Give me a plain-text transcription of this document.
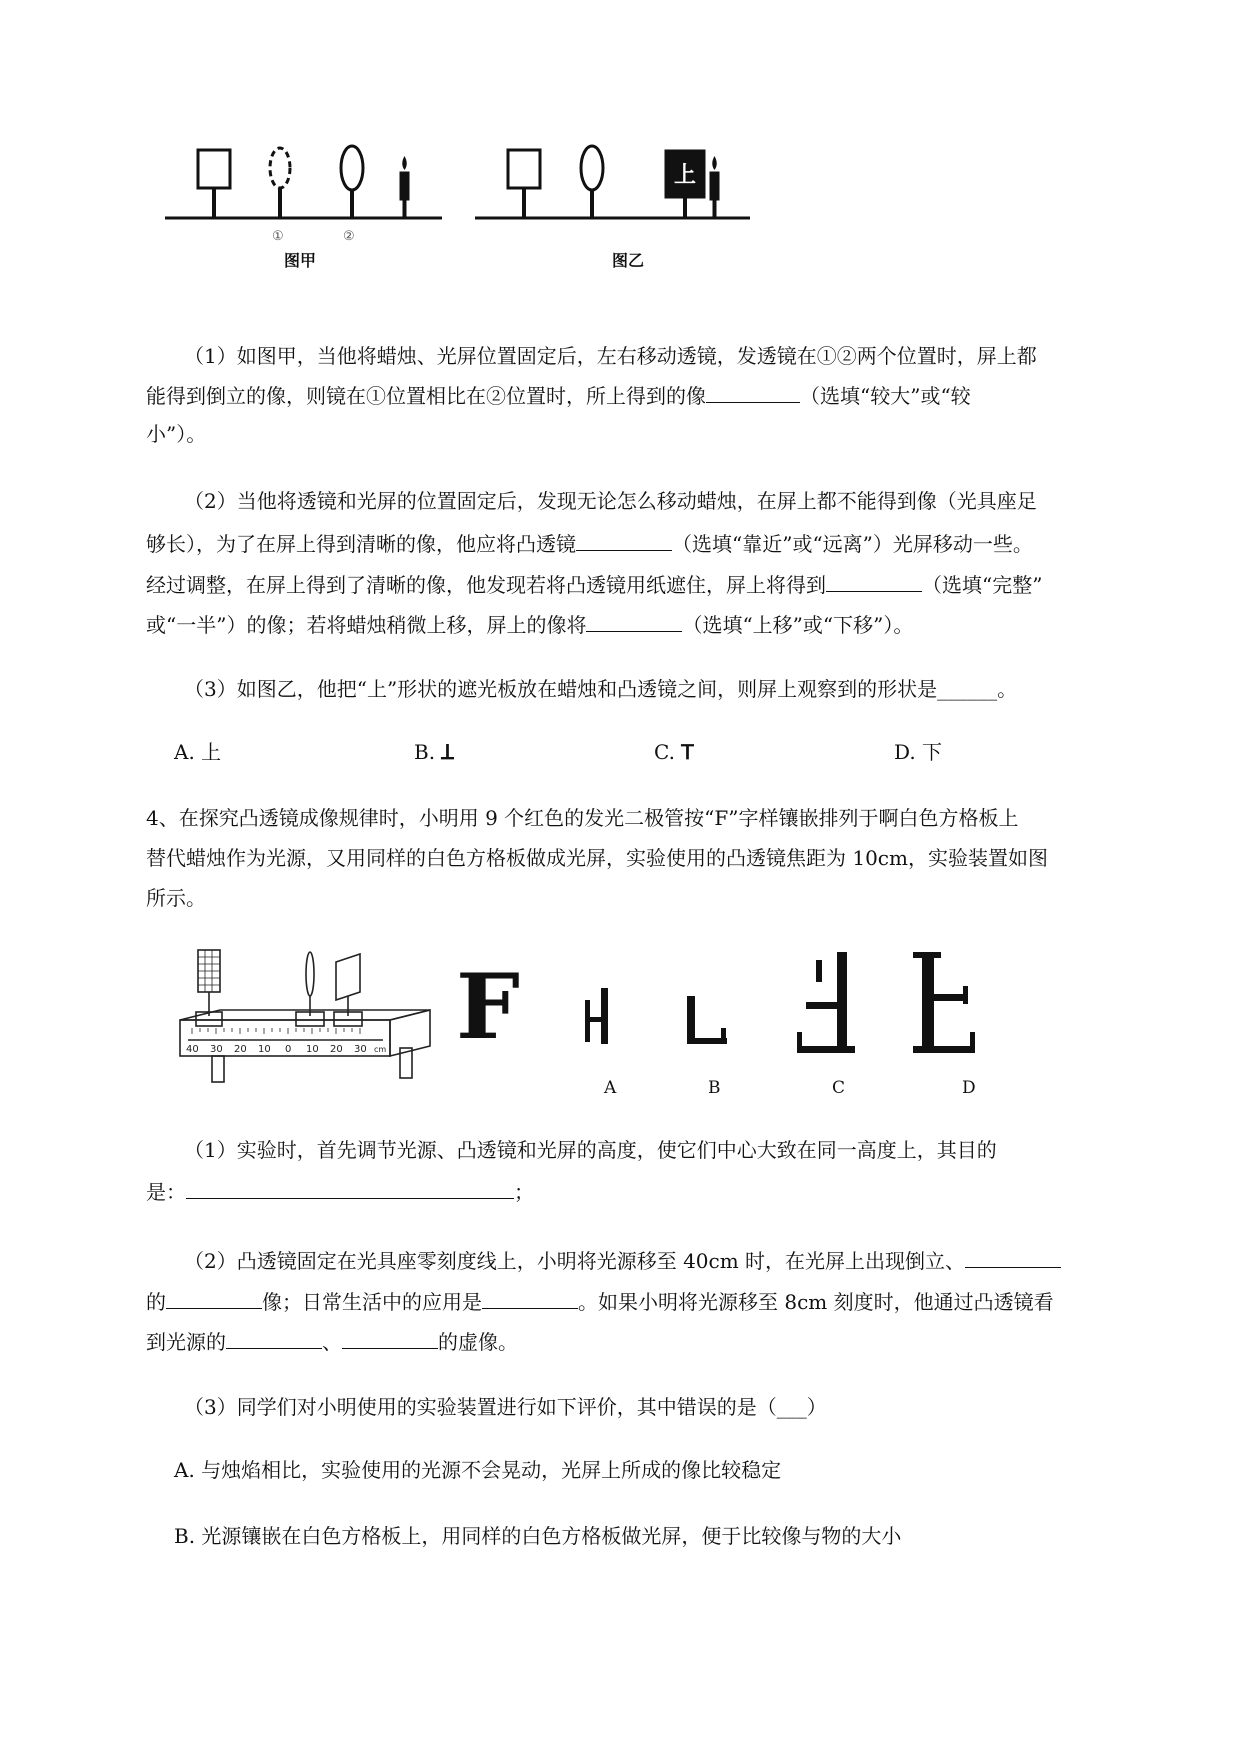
①	②
图甲
上
图乙
（1）如图甲，当他将蜡烛、光屏位置固定后，左右移动透镜，发透镜在①②两个位置时，屏上都
能得到倒立的像，则镜在①位置相比在②位置时，所上得到的像	（选填“较大”或“较
小”）。
（2）当他将透镜和光屏的位置固定后，发现无论怎么移动蜡烛，在屏上都不能得到像（光具座足
够长），为了在屏上得到清晰的像，他应将凸透镜	（选填“靠近”或“远离”）光屏移动一些。
经过调整，在屏上得到了清晰的像，他发现若将凸透镜用纸遮住，屏上将得到	（选填“完整”
或“一半”）的像；若将蜡烛稍微上移，屏上的像将	（选填“上移”或“下移”）。
（3）如图乙，他把“上”形状的遮光板放在蜡烛和凸透镜之间，则屏上观察到的形状是______。
A. 上	B. ꓕ	C. ꓔ	D. 下
4、在探究凸透镜成像规律时，小明用 9 个红色的发光二极管按“F”字样镶嵌排列于啊白色方格板上
替代蜡烛作为光源，又用同样的白色方格板做成光屏，实验使用的凸透镜焦距为 10cm，实验装置如图
所示。
40 30 20 10 0 10 20 30 cm F
A	B	C	D
（1）实验时，首先调节光源、凸透镜和光屏的高度，使它们中心大致在同一高度上，其目的
是：	；
（2）凸透镜固定在光具座零刻度线上，小明将光源移至 40cm 时，在光屏上出现倒立、
的	像；日常生活中的应用是	。如果小明将光源移至 8cm 刻度时，他通过凸透镜看
到光源的	、	的虚像。
（3）同学们对小明使用的实验装置进行如下评价，其中错误的是（___）
A. 与烛焰相比，实验使用的光源不会晃动，光屏上所成的像比较稳定
B. 光源镶嵌在白色方格板上，用同样的白色方格板做光屏，便于比较像与物的大小
